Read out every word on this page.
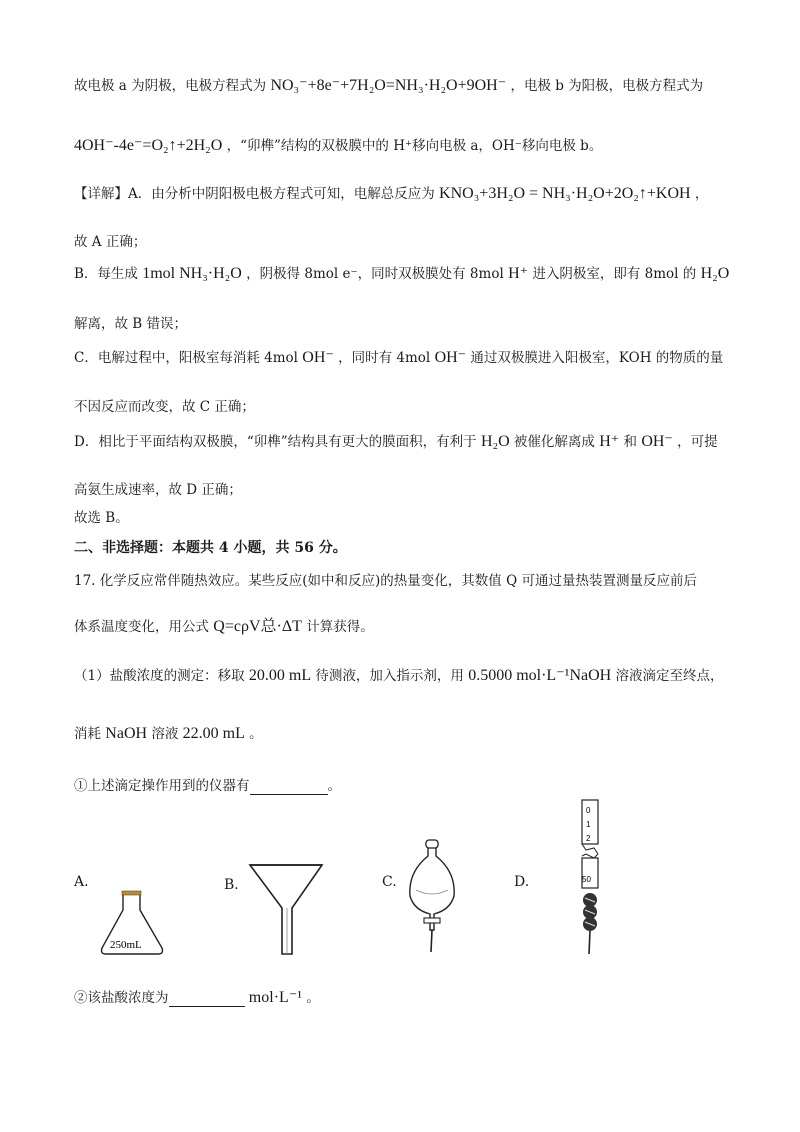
故电极 a 为阴极，电极方程式为 NO₃⁻+8e⁻+7H₂O=NH₃·H₂O+9OH⁻ ，电极 b 为阳极，电极方程式为
4OH⁻-4e⁻=O₂↑+2H₂O ，“卯榫”结构的双极膜中的 H⁺移向电极 a，OH⁻移向电极 b。
【详解】A．由分析中阴阳极电极方程式可知，电解总反应为 KNO₃+3H₂O = NH₃·H₂O+2O₂↑+KOH ，
故 A 正确；
B．每生成 1mol NH₃·H₂O ，阴极得 8mol e⁻，同时双极膜处有 8mol H⁺ 进入阴极室，即有 8mol 的 H₂O
解离，故 B 错误；
C．电解过程中，阳极室每消耗 4mol OH⁻ ，同时有 4mol OH⁻ 通过双极膜进入阳极室，KOH 的物质的量
不因反应而改变，故 C 正确；
D．相比于平面结构双极膜，“卯榫”结构具有更大的膜面积，有利于 H₂O 被催化解离成 H⁺ 和 OH⁻ ，可提
高氨生成速率，故 D 正确；
故选 B。
二、非选择题：本题共 4 小题，共 56 分。
17. 化学反应常伴随热效应。某些反应(如中和反应)的热量变化，其数值 Q 可通过量热装置测量反应前后
体系温度变化，用公式 Q=cρV总·ΔT 计算获得。
（1）盐酸浓度的测定：移取 20.00 mL 待测液，加入指示剂，用 0.5000 mol·L⁻¹NaOH 溶液滴定至终点，
消耗 NaOH 溶液 22.00 mL 。
①上述滴定操作用到的仪器有	。
A.	B．	C.	D.
250mL
0
1
2
50
②该盐酸浓度为	mol·L⁻¹ 。
